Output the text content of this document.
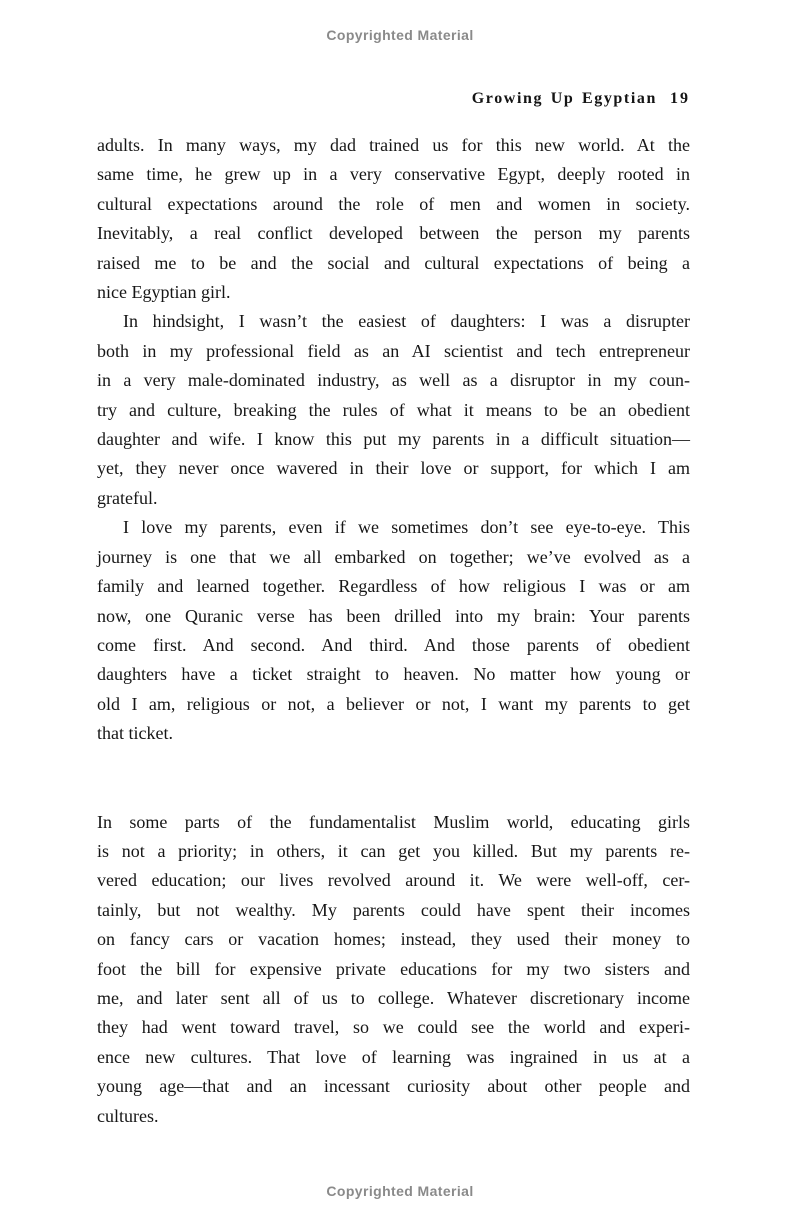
Copyrighted Material
Growing Up Egyptian 19
adults. In many ways, my dad trained us for this new world. At the
same time, he grew up in a very conservative Egypt, deeply rooted in
cultural expectations around the role of men and women in society.
Inevitably, a real conflict developed between the person my parents
raised me to be and the social and cultural expectations of being a
nice Egyptian girl.
In hindsight, I wasn’t the easiest of daughters: I was a disrupter
both in my professional field as an AI scientist and tech entrepreneur
in a very male-dominated industry, as well as a disruptor in my coun-
try and culture, breaking the rules of what it means to be an obedient
daughter and wife. I know this put my parents in a difficult situation—
yet, they never once wavered in their love or support, for which I am
grateful.
I love my parents, even if we sometimes don’t see eye-to-eye. This
journey is one that we all embarked on together; we’ve evolved as a
family and learned together. Regardless of how religious I was or am
now, one Quranic verse has been drilled into my brain: Your parents
come first. And second. And third. And those parents of obedient
daughters have a ticket straight to heaven. No matter how young or
old I am, religious or not, a believer or not, I want my parents to get
that ticket.
In some parts of the fundamentalist Muslim world, educating girls
is not a priority; in others, it can get you killed. But my parents re-
vered education; our lives revolved around it. We were well-off, cer-
tainly, but not wealthy. My parents could have spent their incomes
on fancy cars or vacation homes; instead, they used their money to
foot the bill for expensive private educations for my two sisters and
me, and later sent all of us to college. Whatever discretionary income
they had went toward travel, so we could see the world and experi-
ence new cultures. That love of learning was ingrained in us at a
young age—that and an incessant curiosity about other people and
cultures.
Copyrighted Material
